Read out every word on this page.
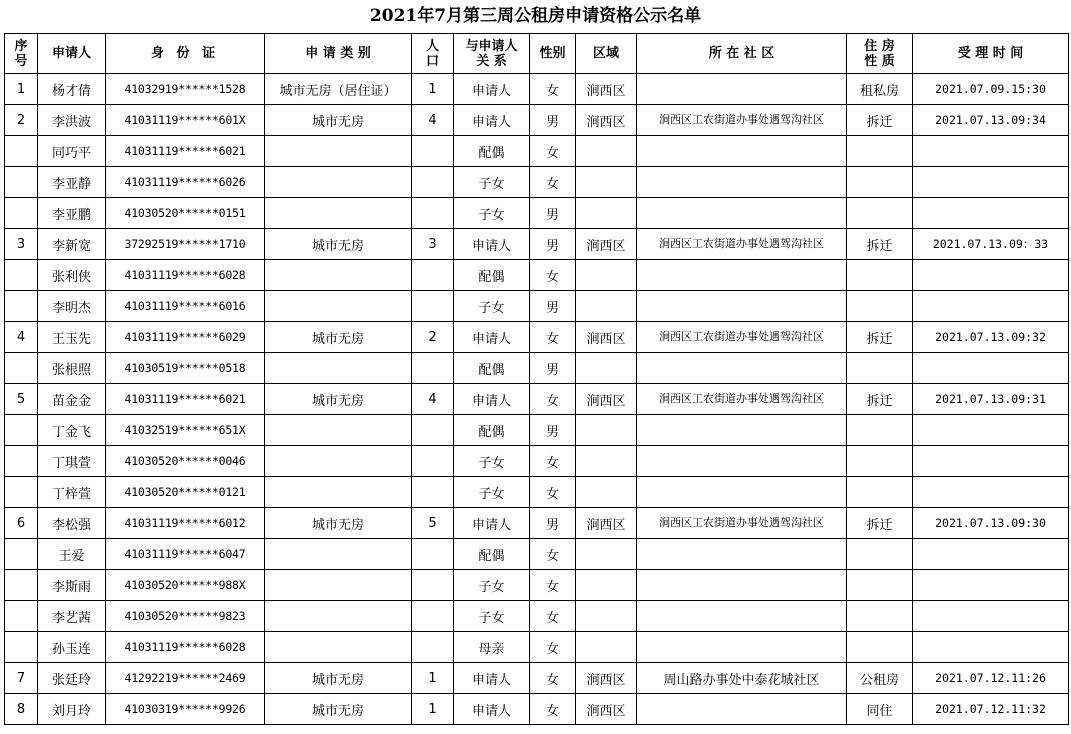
2021年7月第三周公租房申请资格公示名单
序号	申请人	身 份 证	申 请 类 别	人口	与申请人关 系	性别	区域	所 在 社 区	住 房性 质	受 理 时 间
1	杨才倩	41032919******1528	城市无房（居住证）	1	申请人	女	涧西区		租私房	2021.07.09.15:30
2	李洪波	41031119******601X	城市无房	4	申请人	男	涧西区	涧西区工农街道办事处遇驾沟社区	拆迁	2021.07.13.09:34
	同巧平	41031119******6021			配偶	女				
	李亚静	41031119******6026			子女	女				
	李亚鹏	41030520******0151			子女	男				
3	李新宽	37292519******1710	城市无房	3	申请人	男	涧西区	涧西区工农街道办事处遇驾沟社区	拆迁	2021.07.13.09：33
	张利侠	41031119******6028			配偶	女				
	李明杰	41031119******6016			子女	男				
4	王玉先	41031119******6029	城市无房	2	申请人	女	涧西区	涧西区工农街道办事处遇驾沟社区	拆迁	2021.07.13.09:32
	张根照	41030519******0518			配偶	男				
5	苗金金	41031119******6021	城市无房	4	申请人	女	涧西区	涧西区工农街道办事处遇驾沟社区	拆迁	2021.07.13.09:31
	丁金飞	41032519******651X			配偶	男				
	丁琪萱	41030520******0046			子女	女				
	丁梓萱	41030520******0121			子女	女				
6	李松强	41031119******6012	城市无房	5	申请人	男	涧西区	涧西区工农街道办事处遇驾沟社区	拆迁	2021.07.13.09:30
	王爱	41031119******6047			配偶	女				
	李斯雨	41030520******988X			子女	女				
	李艺茜	41030520******9823			子女	女				
	孙玉连	41031119******6028			母亲	女				
7	张廷玲	41292219******2469	城市无房	1	申请人	女	涧西区	周山路办事处中泰花城社区	公租房	2021.07.12.11:26
8	刘月玲	41030319******9926	城市无房	1	申请人	女	涧西区		同住	2021.07.12.11:32
